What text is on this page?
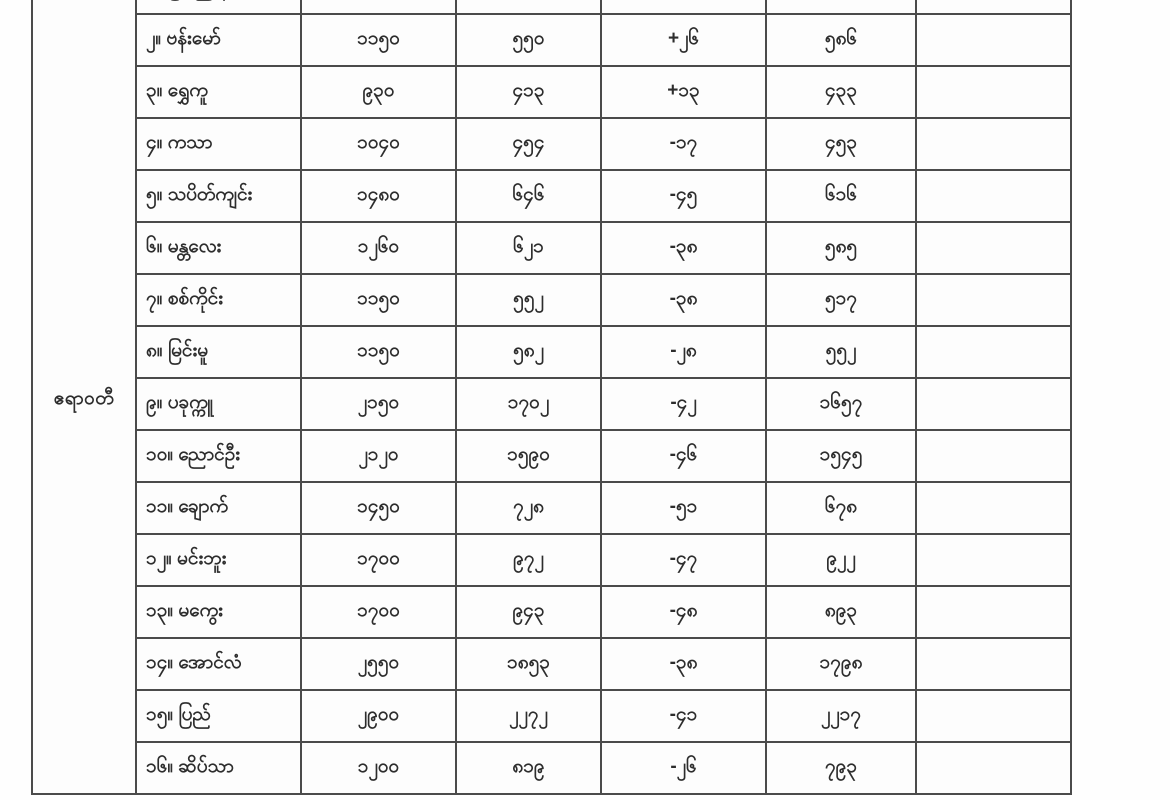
ဧရာဝတီ						
	၂။ ဗန်းမော်	၁၁၅၀	၅၅၀	+၂၆	၅၈၆	
	၃။ ရွှေကူ	၉၃၀	၄၁၃	+၁၃	၄၃၃	
	၄။ ကသာ	၁၀၄၀	၄၅၄	-၁၇	၄၅၃	
	၅။ သပိတ်ကျင်း	၁၄၈၀	၆၄၆	-၄၅	၆၁၆	
	၆။ မန္တလေး	၁၂၆၀	၆၂၁	-၃၈	၅၈၅	
	၇။ စစ်ကိုင်း	၁၁၅၀	၅၅၂	-၃၈	၅၁၇	
	၈။ မြင်းမူ	၁၁၅၀	၅၈၂	-၂၈	၅၅၂	
	၉။ ပခုက္ကူ	၂၁၅၀	၁၇၀၂	-၄၂	၁၆၅၇	
	၁၀။ ညောင်ဦး	၂၁၂၀	၁၅၉၀	-၄၆	၁၅၄၅	
	၁၁။ ချောက်	၁၄၅၀	၇၂၈	-၅၁	၆၇၈	
	၁၂။ မင်းဘူး	၁၇၀၀	၉၇၂	-၄၇	၉၂၂	
	၁၃။ မကွေး	၁၇၀၀	၉၄၃	-၄၈	၈၉၃	
	၁၄။ အောင်လံ	၂၅၅၀	၁၈၅၃	-၃၈	၁၇၉၈	
	၁၅။ ပြည်	၂၉၀၀	၂၂၇၂	-၄၁	၂၂၁၇	
	၁၆။ ဆိပ်သာ	၁၂၀၀	၈၁၉	-၂၆	၇၉၃	
